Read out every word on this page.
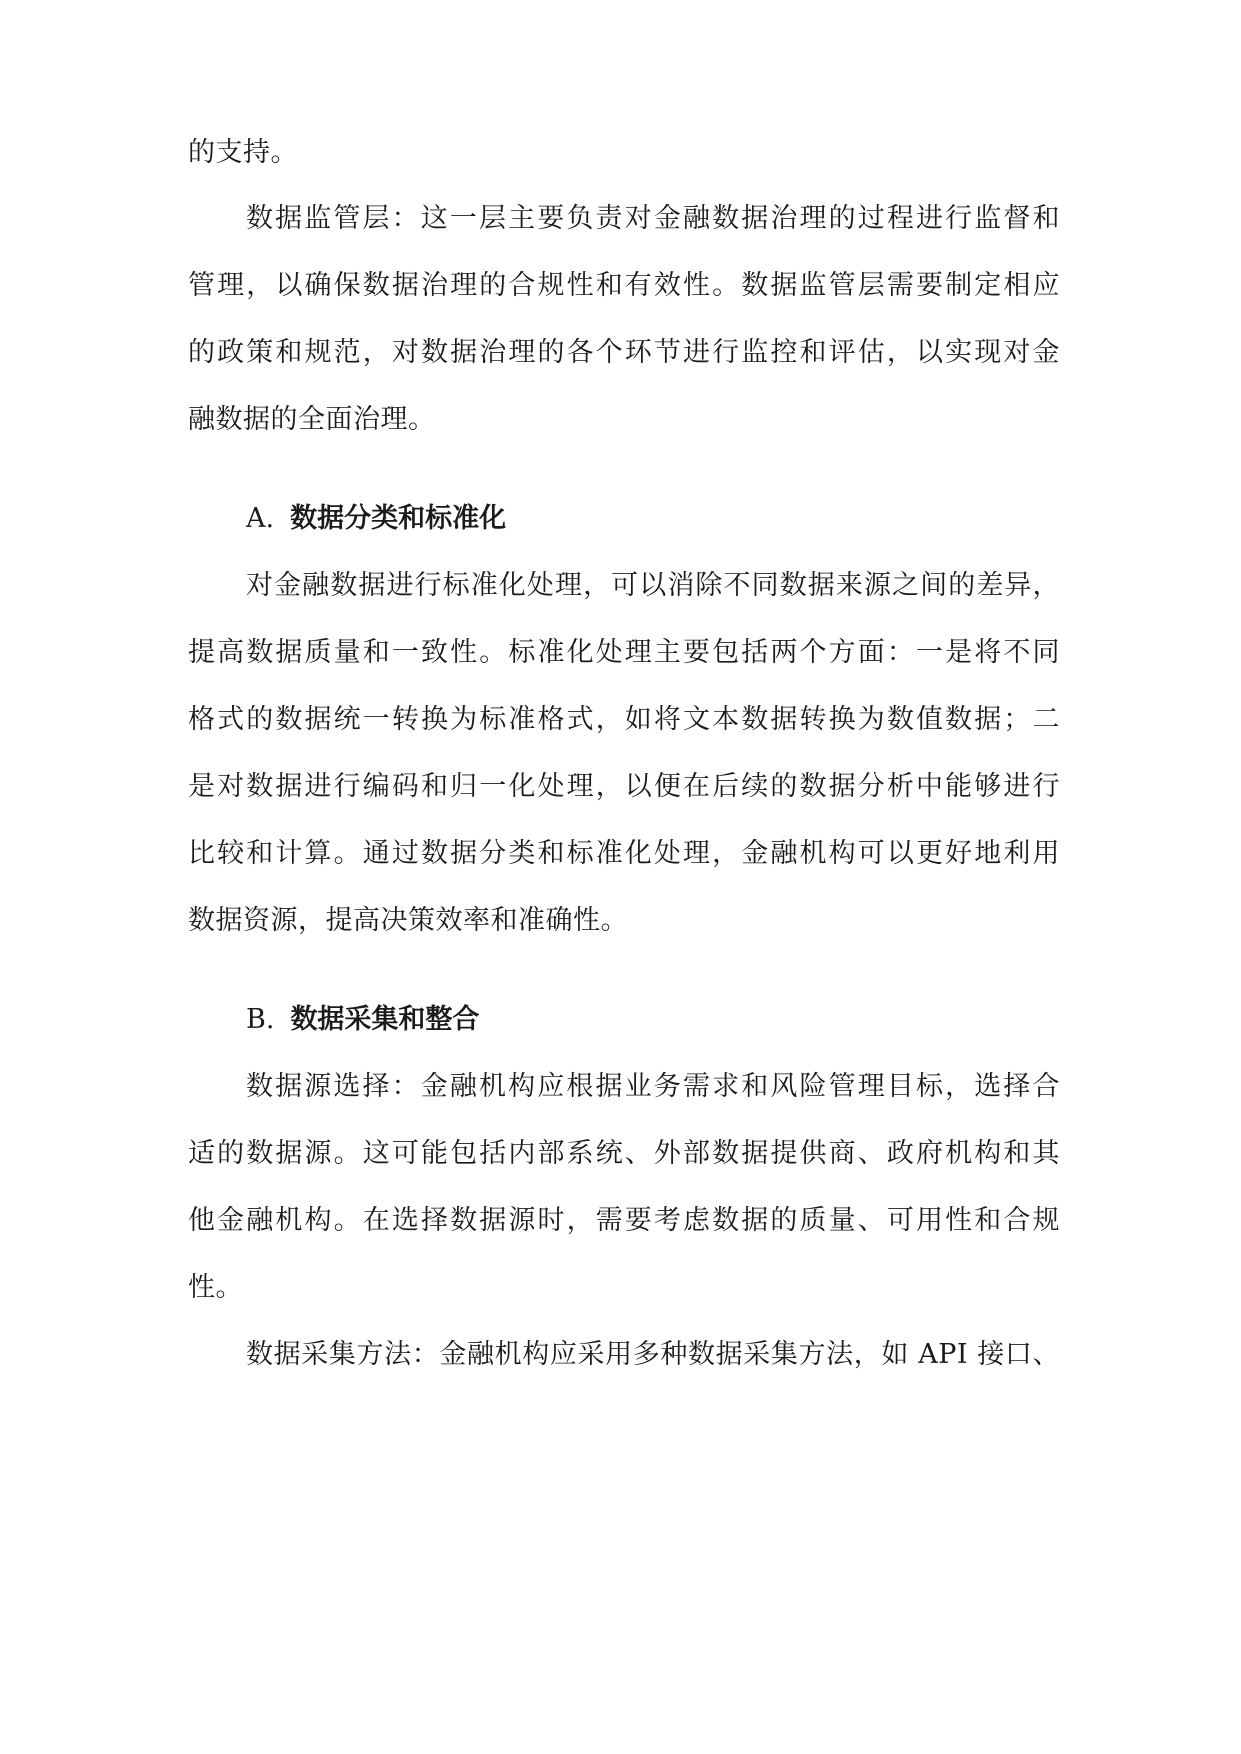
的支持。
数据监管层：这一层主要负责对金融数据治理的过程进行监督和
管理，以确保数据治理的合规性和有效性。数据监管层需要制定相应
的政策和规范，对数据治理的各个环节进行监控和评估，以实现对金
融数据的全面治理。
A. 数据分类和标准化
对金融数据进行标准化处理，可以消除不同数据来源之间的差异，
提高数据质量和一致性。标准化处理主要包括两个方面：一是将不同
格式的数据统一转换为标准格式，如将文本数据转换为数值数据；二
是对数据进行编码和归一化处理，以便在后续的数据分析中能够进行
比较和计算。通过数据分类和标准化处理，金融机构可以更好地利用
数据资源，提高决策效率和准确性。
B. 数据采集和整合
数据源选择：金融机构应根据业务需求和风险管理目标，选择合
适的数据源。这可能包括内部系统、外部数据提供商、政府机构和其
他金融机构。在选择数据源时，需要考虑数据的质量、可用性和合规
性。
数据采集方法：金融机构应采用多种数据采集方法，如 API 接口、
